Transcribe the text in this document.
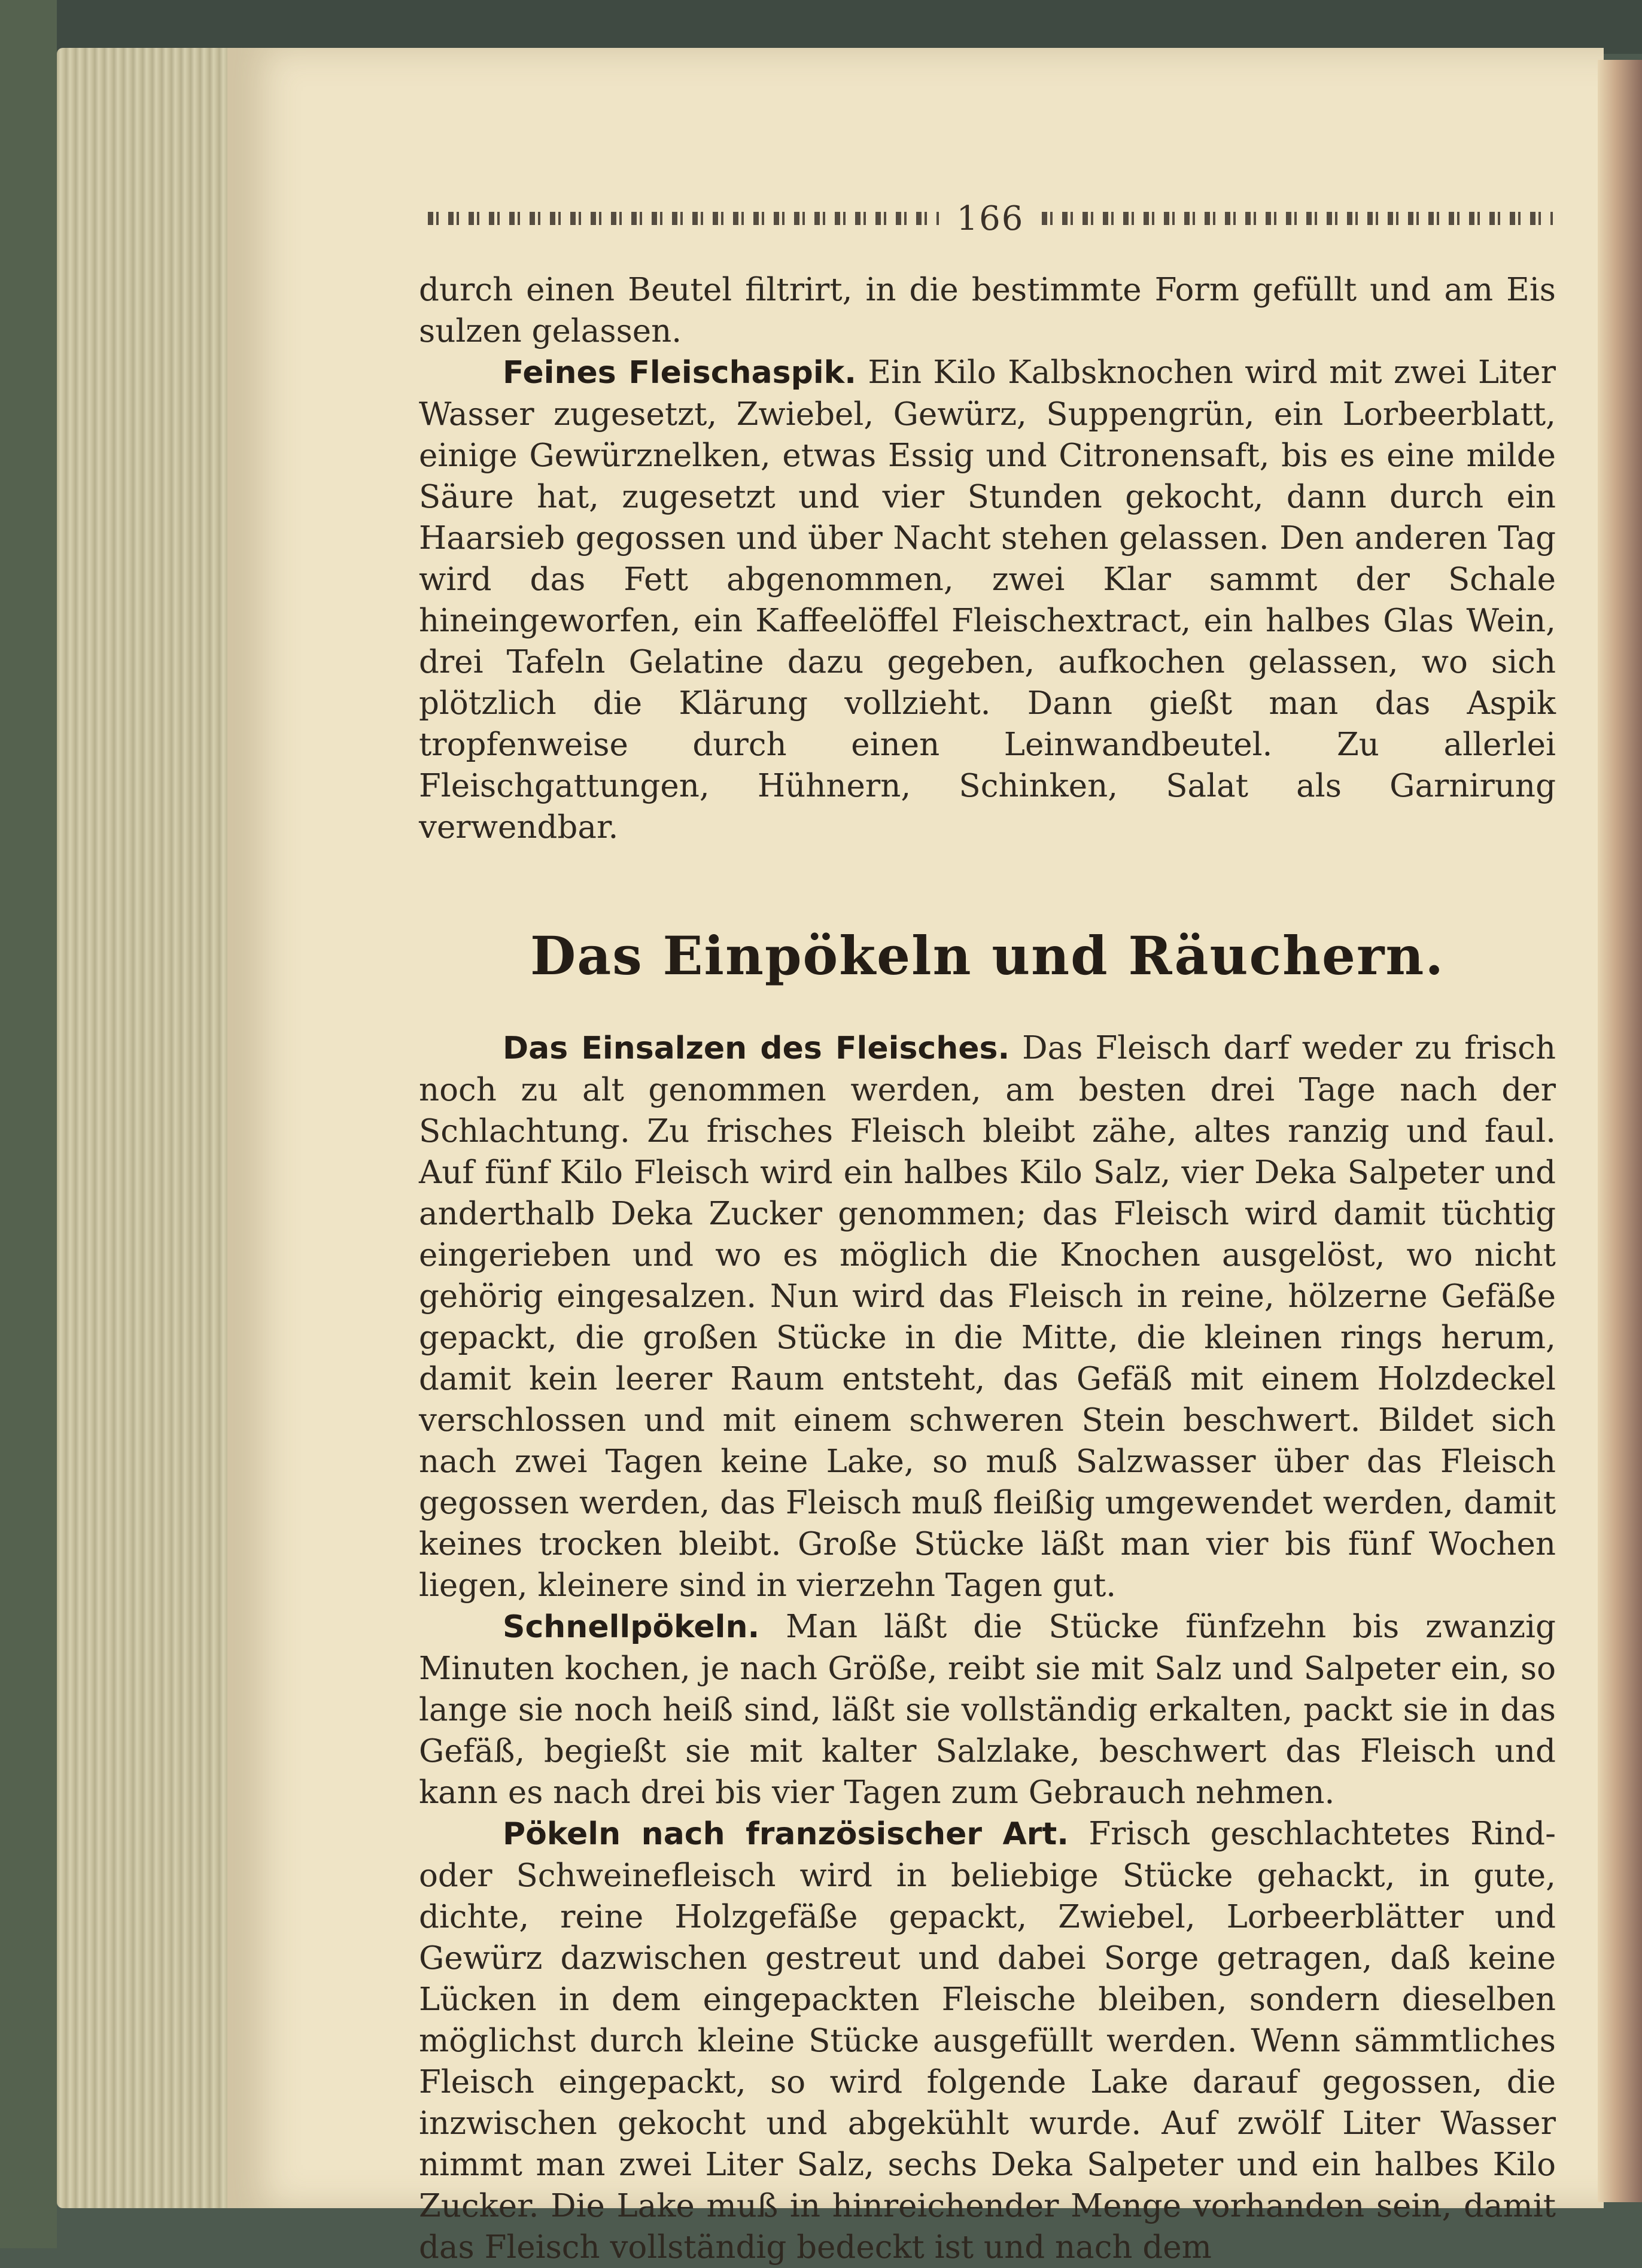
166

durch einen Beutel filtrirt, in die bestimmte Form gefüllt und am Eis sulzen gelassen.

Feines Fleischaspik. Ein Kilo Kalbsknochen wird mit zwei Liter Wasser zugesetzt, Zwiebel, Gewürz, Suppengrün, ein Lorbeerblatt, einige Gewürznelken, etwas Essig und Citronensaft, bis es eine milde Säure hat, zugesetzt und vier Stunden gekocht, dann durch ein Haarsieb gegossen und über Nacht stehen gelassen. Den anderen Tag wird das Fett abgenommen, zwei Klar sammt der Schale hineingeworfen, ein Kaffeelöffel Fleischextract, ein halbes Glas Wein, drei Tafeln Gelatine dazu gegeben, aufkochen gelassen, wo sich plötzlich die Klärung vollzieht. Dann gießt man das Aspik tropfenweise durch einen Leinwandbeutel. Zu allerlei Fleischgattungen, Hühnern, Schinken, Salat als Garnirung verwendbar.

Das Einpökeln und Räuchern.

Das Einsalzen des Fleisches. Das Fleisch darf weder zu frisch noch zu alt genommen werden, am besten drei Tage nach der Schlachtung. Zu frisches Fleisch bleibt zähe, altes ranzig und faul. Auf fünf Kilo Fleisch wird ein halbes Kilo Salz, vier Deka Salpeter und anderthalb Deka Zucker genommen; das Fleisch wird damit tüchtig eingerieben und wo es möglich die Knochen ausgelöst, wo nicht gehörig eingesalzen. Nun wird das Fleisch in reine, hölzerne Gefäße gepackt, die großen Stücke in die Mitte, die kleinen rings herum, damit kein leerer Raum entsteht, das Gefäß mit einem Holzdeckel verschlossen und mit einem schweren Stein beschwert. Bildet sich nach zwei Tagen keine Lake, so muß Salzwasser über das Fleisch gegossen werden, das Fleisch muß fleißig umgewendet werden, damit keines trocken bleibt. Große Stücke läßt man vier bis fünf Wochen liegen, kleinere sind in vierzehn Tagen gut.

Schnellpökeln. Man läßt die Stücke fünfzehn bis zwanzig Minuten kochen, je nach Größe, reibt sie mit Salz und Salpeter ein, so lange sie noch heiß sind, läßt sie vollständig erkalten, packt sie in das Gefäß, begießt sie mit kalter Salzlake, beschwert das Fleisch und kann es nach drei bis vier Tagen zum Gebrauch nehmen.

Pökeln nach französischer Art. Frisch geschlachtetes Rind- oder Schweinefleisch wird in beliebige Stücke gehackt, in gute, dichte, reine Holzgefäße gepackt, Zwiebel, Lorbeerblätter und Gewürz dazwischen gestreut und dabei Sorge getragen, daß keine Lücken in dem eingepackten Fleische bleiben, sondern dieselben möglichst durch kleine Stücke ausgefüllt werden. Wenn sämmtliches Fleisch eingepackt, so wird folgende Lake darauf gegossen, die inzwischen gekocht und abgekühlt wurde. Auf zwölf Liter Wasser nimmt man zwei Liter Salz, sechs Deka Salpeter und ein halbes Kilo Zucker. Die Lake muß in hinreichender Menge vorhanden sein, damit das Fleisch vollständig bedeckt ist und nach dem
